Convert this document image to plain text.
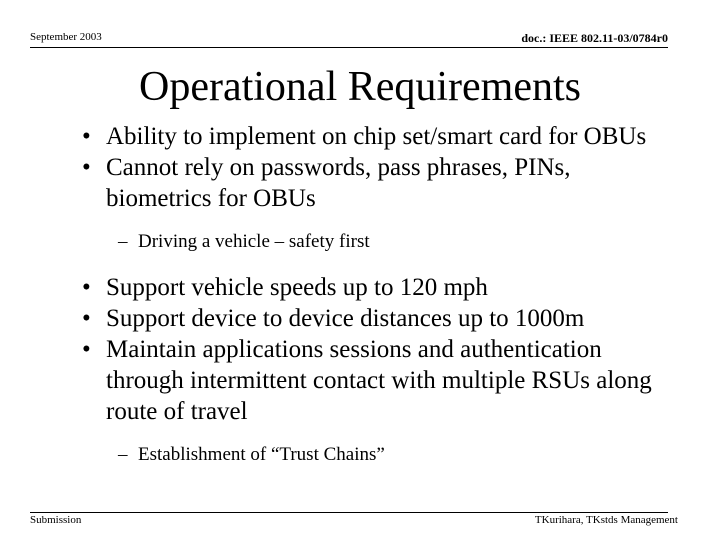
September 2003	doc.: IEEE 802.11-03/0784r0
Operational Requirements
• Ability to implement on chip set/smart card for OBUs
• Cannot rely on passwords, pass phrases, PINs, biometrics for OBUs
– Driving a vehicle – safety first
• Support vehicle speeds up to 120 mph
• Support device to device distances up to 1000m
• Maintain applications sessions and authentication through intermittent contact with multiple RSUs along route of travel
– Establishment of “Trust Chains”
Submission	TKurihara, TKstds Management
